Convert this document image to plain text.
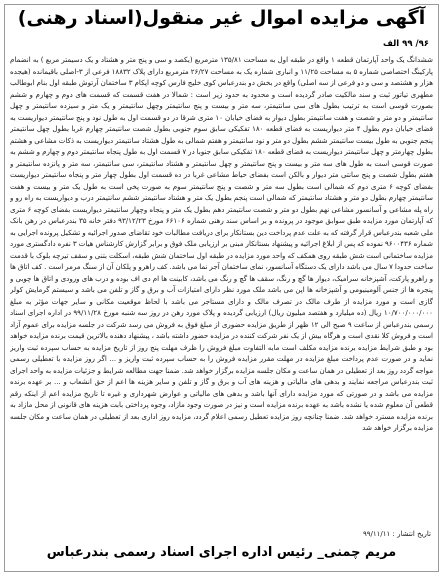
آگهی مزایده اموال غیر منقول(اسناد رهنی)
۹۶/ ۹۹ الف
ششدانگ یک واحد آپارتمان قطعه ۱ واقع در طبقه اول به مساحت ۱۳۵/۸۱ مترمربع (یکصد و سی و پنج متر و هشتاد و یک دسیمتر مربع ) به انضمام پارکینگ اختصاصی شماره ۵ به مساحت ۱۱/۲۵ و انباری شماره یک به مساحت ۲۶/۲۷ مترمربع دارای پلاک ۱۸۸۳۲ فرعی از ۳-اصلی باقیمانده (هیجده هزار و هشتصد و سی و دو فرعی از سه اصلی) واقع در بخش دو بندرعباس کوی خلیج فارس کوچه اپکام ۳ ساختمان آرتوش طبقه اول بنام ابوطالب مطهری تیاتور ثبت و سند مالکیت صادر گردیده است و محدود به حدود زیر است : شمالا در هفت قسمت که قسمت های دوم و چهارم و ششم بصورت قوسی است به ترتیب بطول های سی سانتیمتر، سه متر و بیست و پنج سانتیمتر وچهل سانتیمتر و یک متر و سیزده سانتیمتر و چهل سانتیمتر و دو متر و شصت و هفت سانتیمتر بطول دیوار به فضای خیابان ۱۰ متری شرقا در دو قسمت اول به طول نود و پنج سانتیمتر دیواریست به فضای خیابان دوم بطول ۴ متر دیواریست به فضای قطعه ۱۸۰ تفکیکی سابق سوم جنوبی بطول شصت سانتیمتر چهارم غربا بطول چهل سانتیمتر پنجم جنوبی به طول بیست سانتیمتر ششم بطول دو متر و نود سانتیمتر و هفتم شمالی به طول هشتاد سانتیمتر دیواریست به ذکات مشاعی و هشتم بطول چهارمتر و چهل سانتیمتر دیواریست به فضای قطعه ۱۸۰ تفکیکی سابق جنوبا در ۷ قسمت اول به طول پنجاه سانتیمتر دوم و چهارم و ششم به صورت قوسی است به طول های سه متر و بیست و پنج سانتیمتر و چهل سانتیمتر و هشتاد سانتیمتر، سی سانتیمتر، سه متر و پانزده سانتیمتر و هفتم بطول شصت و پنج سانتی متر دیوار و بالکن است بفضای حیاط مشاعی غربا در ده قسمت اول بطول چهار متر و پنجاه سانتیمتر دیواریست بفضای کوچه ۶ متری دوم که شمالی است بطول سه متر و شصت و پنج سانتیمتر سوم به صورت پخی است به طول یک متر و بیست و هفت سانتیمتر چهارم بطول دو متر و هشتاد سانتیمتر که شمالی است پنجم بطول یک متر و هشتاد سانتیمتر ششم سانتیمتر درب و دیواریست به راه رو و راه پله مشاعی و آسانسور مشاعی نهم بطول دو متر و شصت سانتیمتر دهم بطول یک متر و پنجاه وچهار سانتیمتر دیواریست بفضای کوچه ۶ متری که آپارتمان مورد مزایده طبق سوابق موجود در پرونده و بر اساس سند رهنی شماره ۶۶۱۰۶ مورخ ۹۳/۱۲/۲۳ دفتر خانه ۳۵ بندرعباس در رهن بانک ملی شعبه بندرعباس قرار گرفته که به علت عدم پرداخت دین بستانکار برای دریافت مطالبات خود تقاضای صدور اجرائیه و تشکیل پرونده اجرایی به شماره ۹۶۰۰۴۳۶ نموده که پس از ابلاغ اجرائیه و پیشنهاد بستانکار مبنی بر ارزیابی ملک فوق و برابر گزارش کارشناس هیات ۳ نفره دادگستری مورد مزایده ساختمانی است شش طبقه روی همکف که واحد مورد مزایده در طبقه اول ساختمان شش طبقه، اسکلت بتنی و سقف تیرچه بلوک با قدمت ساخت حدودا ۷ سال می باشد دارای یک دستگاه آسانسور، نمای ساختمان آجر نما می باشد. کف راهرو و پلکان آن از سنگ مرمر است . کف اتاق ها و راهرو پارکت، آشپزخانه سرامیک، دیوار ها گچ و رنگ، سقف ها گچ و رنگ می باشد، کابینت ها ام دی اف بوده و درب های ورودی و اتاق ها چوبی و پنجره ها از جنس آلومینیومی و آشپزخانه ها اپن می باشد ملک مورد نظر دارای امتیازات آب و برق و گاز و تلفن می باشد و سیستم گرمایش کولر گازی است و مورد مزایده از طرف مالک در تصرف مالک و دارای مستاجر می باشد با لحاظ موقعیت مکانی و سایر جهات مؤثر به مبلغ ۱۰/۷۰۰/۰۰۰/۰۰۰ ریال (ده میلیارد و هفتصد میلیون ریال) ارزیابی گردیده و پلاک مورد رهن در روز سه شنبه مورخ ۹۹/۱۱/۲۸ در اداره اجرای اسناد رسمی بندرعباس از ساعت ۹ صبح الی ۱۲ ظهر از طریق مزایده حضوری از مبلغ فوق به فروش می رسد شرکت در جلسه مزایده برای عموم آزاد است و فروش کلا نقدی است و هرگاه بیش از یک نفر شرکت کننده در مزایده حضور داشته باشد ، پیشنهاد دهنده بالاترین قیمت برنده مزایده خواهد بود و طبق شرایط مزایده برنده مزایده مکلف است مابه التفاوت مبلغ فروش را ظرف مهلت پنج روز از تاریخ مزایده به حساب سپرده ثبت واریز نماید و در صورت عدم پرداخت مبلغ مزایده در مهلت مقرر مزایده فروش را به حساب سپرده ثبت واریز و ... اگر روز مزایده با تعطیلی رسمی مواجه گردد روز بعد از تعطیلی در همان ساعت و مکان جلسه مزایده برگزار خواهد شد. ضمنا جهت مطالعه شرایط و جزئیات مزایده به واحد اجرای ثبت بندرعباس مراجعه نمایند و بدهی های مالیاتی و هزینه های آب و برق و گاز و تلفن و سایر هزینه ها اعم از حق انشعاب و ... بر عهده برنده مزایده می باشد و در صورتی که مورد مزایده دارای آنها باشد و بدهی های مالیاتی و عوارض شهرداری و غیره تا تاریخ مزایده اعم از اینکه رقم قطعی آن معلوم شده یا نشده باشد به عهده برنده مزایده است و نیز در صورت وجود مازاد، وجوه پرداختی بابت هزینه های قانونی از محل مازاد به برنده مزایده مسترد خواهد شد. ضمنا چنانچه روز مزایده تعطیل رسمی اعلام گردد، مزایده روز اداری بعد از تعطیلی در همان ساعت و مکان جلسه مزایده برگزار خواهد شد
تاریخ انتشار : ۹۹/۱۱/۱۱
مریم چمنی_ رئیس اداره اجرای اسناد رسمی بندرعباس
